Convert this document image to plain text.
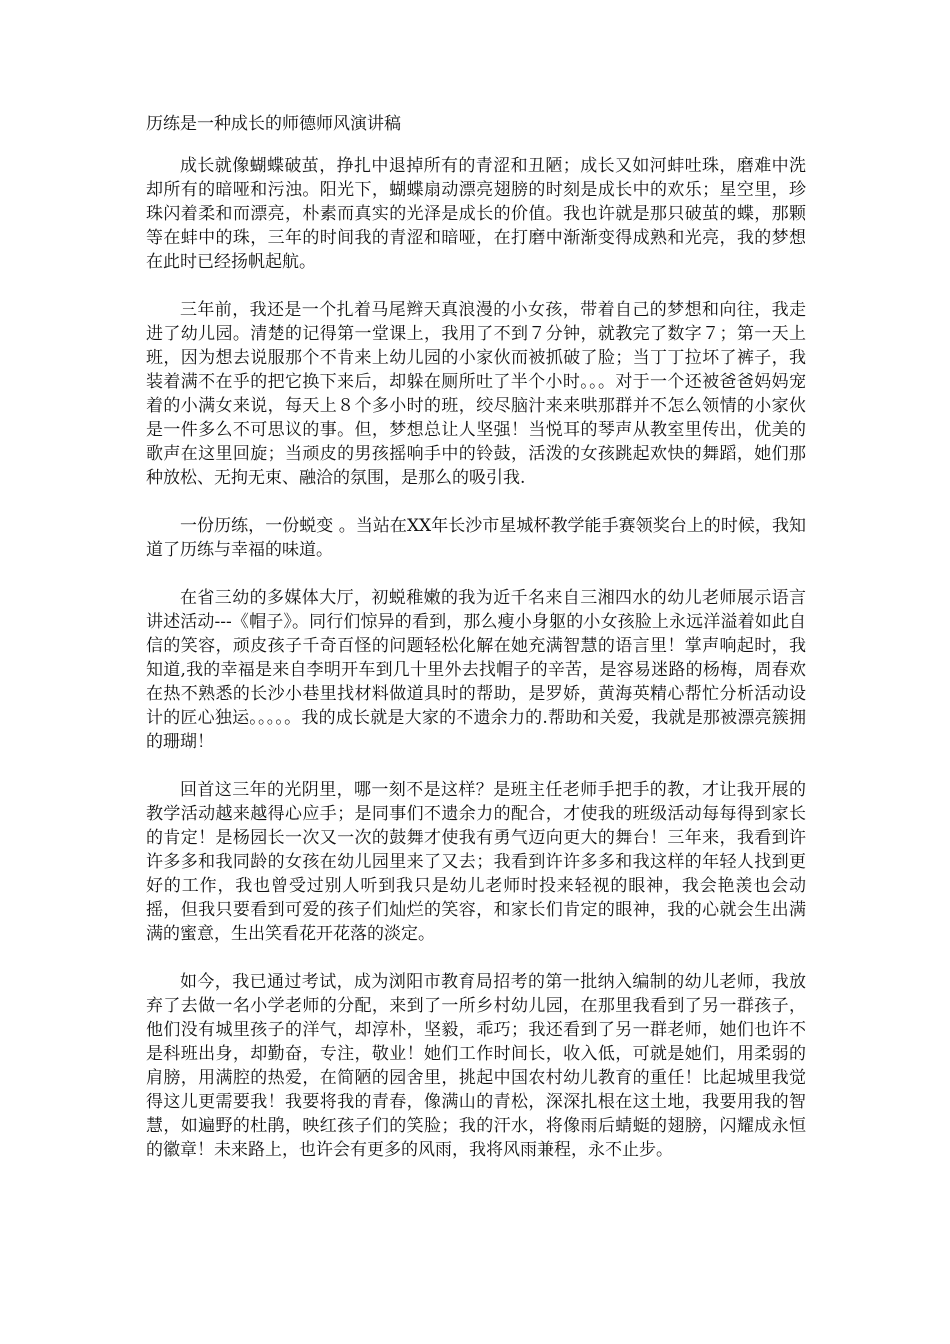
历练是一种成长的师德师风演讲稿

成长就像蝴蝶破茧，挣扎中退掉所有的青涩和丑陋；成长又如河蚌吐珠，磨难中洗却所有的暗哑和污浊。阳光下，蝴蝶扇动漂亮翅膀的时刻是成长中的欢乐；星空里，珍珠闪着柔和而漂亮，朴素而真实的光泽是成长的价值。我也许就是那只破茧的蝶，那颗等在蚌中的珠，三年的时间我的青涩和暗哑，在打磨中渐渐变得成熟和光亮，我的梦想在此时已经扬帆起航。

三年前，我还是一个扎着马尾辫天真浪漫的小女孩，带着自己的梦想和向往，我走进了幼儿园。清楚的记得第一堂课上，我用了不到７分钟，就教完了数字７；第一天上班，因为想去说服那个不肯来上幼儿园的小家伙而被抓破了脸；当丁丁拉坏了裤子，我装着满不在乎的把它换下来后，却躲在厕所吐了半个小时。。。对于一个还被爸爸妈妈宠着的小满女来说，每天上８个多小时的班，绞尽脑汁来来哄那群并不怎么领情的小家伙是一件多么不可思议的事。但，梦想总让人坚强！当悦耳的琴声从教室里传出，优美的歌声在这里回旋；当顽皮的男孩摇响手中的铃鼓，活泼的女孩跳起欢快的舞蹈，她们那种放松、无拘无束、融洽的氛围，是那么的吸引我.

一份历练，一份蜕变 。当站在XX年长沙市星城杯教学能手赛领奖台上的时候，我知道了历练与幸福的味道。

在省三幼的多媒体大厅，初蜕稚嫩的我为近千名来自三湘四水的幼儿老师展示语言讲述活动---《帽子》。同行们惊异的看到，那么瘦小身躯的小女孩脸上永远洋溢着如此自信的笑容，顽皮孩子千奇百怪的问题轻松化解在她充满智慧的语言里！掌声响起时，我知道,我的幸福是来自李明开车到几十里外去找帽子的辛苦，是容易迷路的杨梅，周春欢在热不熟悉的长沙小巷里找材料做道具时的帮助，是罗娇，黄海英精心帮忙分析活动设计的匠心独运。。。。。我的成长就是大家的不遗余力的.帮助和关爱，我就是那被漂亮簇拥的珊瑚！

回首这三年的光阴里，哪一刻不是这样？是班主任老师手把手的教，才让我开展的教学活动越来越得心应手；是同事们不遗余力的配合，才使我的班级活动每每得到家长的肯定！是杨园长一次又一次的鼓舞才使我有勇气迈向更大的舞台！三年来，我看到许许多多和我同龄的女孩在幼儿园里来了又去；我看到许许多多和我这样的年轻人找到更好的工作，我也曾受过别人听到我只是幼儿老师时投来轻视的眼神，我会艳羡也会动摇，但我只要看到可爱的孩子们灿烂的笑容，和家长们肯定的眼神，我的心就会生出满满的蜜意，生出笑看花开花落的淡定。

如今，我已通过考试，成为浏阳市教育局招考的第一批纳入编制的幼儿老师，我放弃了去做一名小学老师的分配，来到了一所乡村幼儿园，在那里我看到了另一群孩子，他们没有城里孩子的洋气，却淳朴，坚毅，乖巧；我还看到了另一群老师，她们也许不是科班出身，却勤奋，专注，敬业！她们工作时间长，收入低，可就是她们，用柔弱的肩膀，用满腔的热爱，在简陋的园舍里，挑起中国农村幼儿教育的重任！比起城里我觉得这儿更需要我！我要将我的青春，像满山的青松，深深扎根在这土地，我要用我的智慧，如遍野的杜鹃，映红孩子们的笑脸；我的汗水，将像雨后蜻蜓的翅膀，闪耀成永恒的徽章！未来路上，也许会有更多的风雨，我将风雨兼程，永不止步。
